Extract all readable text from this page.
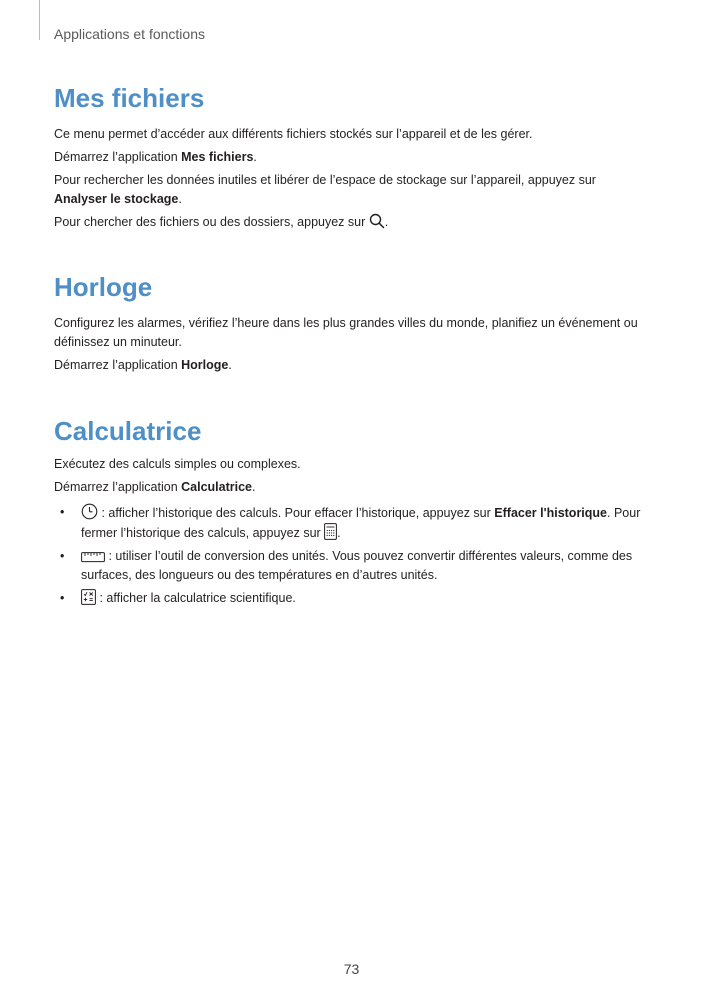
Applications et fonctions
Mes fichiers

Ce menu permet d’accéder aux différents fichiers stockés sur l’appareil et de les gérer.

Démarrez l’application Mes fichiers.

Pour rechercher les données inutiles et libérer de l’espace de stockage sur l’appareil, appuyez sur Analyser le stockage.

Pour chercher des fichiers ou des dossiers, appuyez sur .

Horloge

Configurez les alarmes, vérifiez l’heure dans les plus grandes villes du monde, planifiez un événement ou définissez un minuteur.

Démarrez l’application Horloge.

Calculatrice

Exécutez des calculs simples ou complexes.

Démarrez l’application Calculatrice.

•	: afficher l’historique des calculs. Pour effacer l’historique, appuyez sur Effacer l'historique. Pour fermer l’historique des calculs, appuyez sur .
•	: utiliser l’outil de conversion des unités. Vous pouvez convertir différentes valeurs, comme des surfaces, des longueurs ou des températures en d’autres unités.
•	: afficher la calculatrice scientifique.
73
